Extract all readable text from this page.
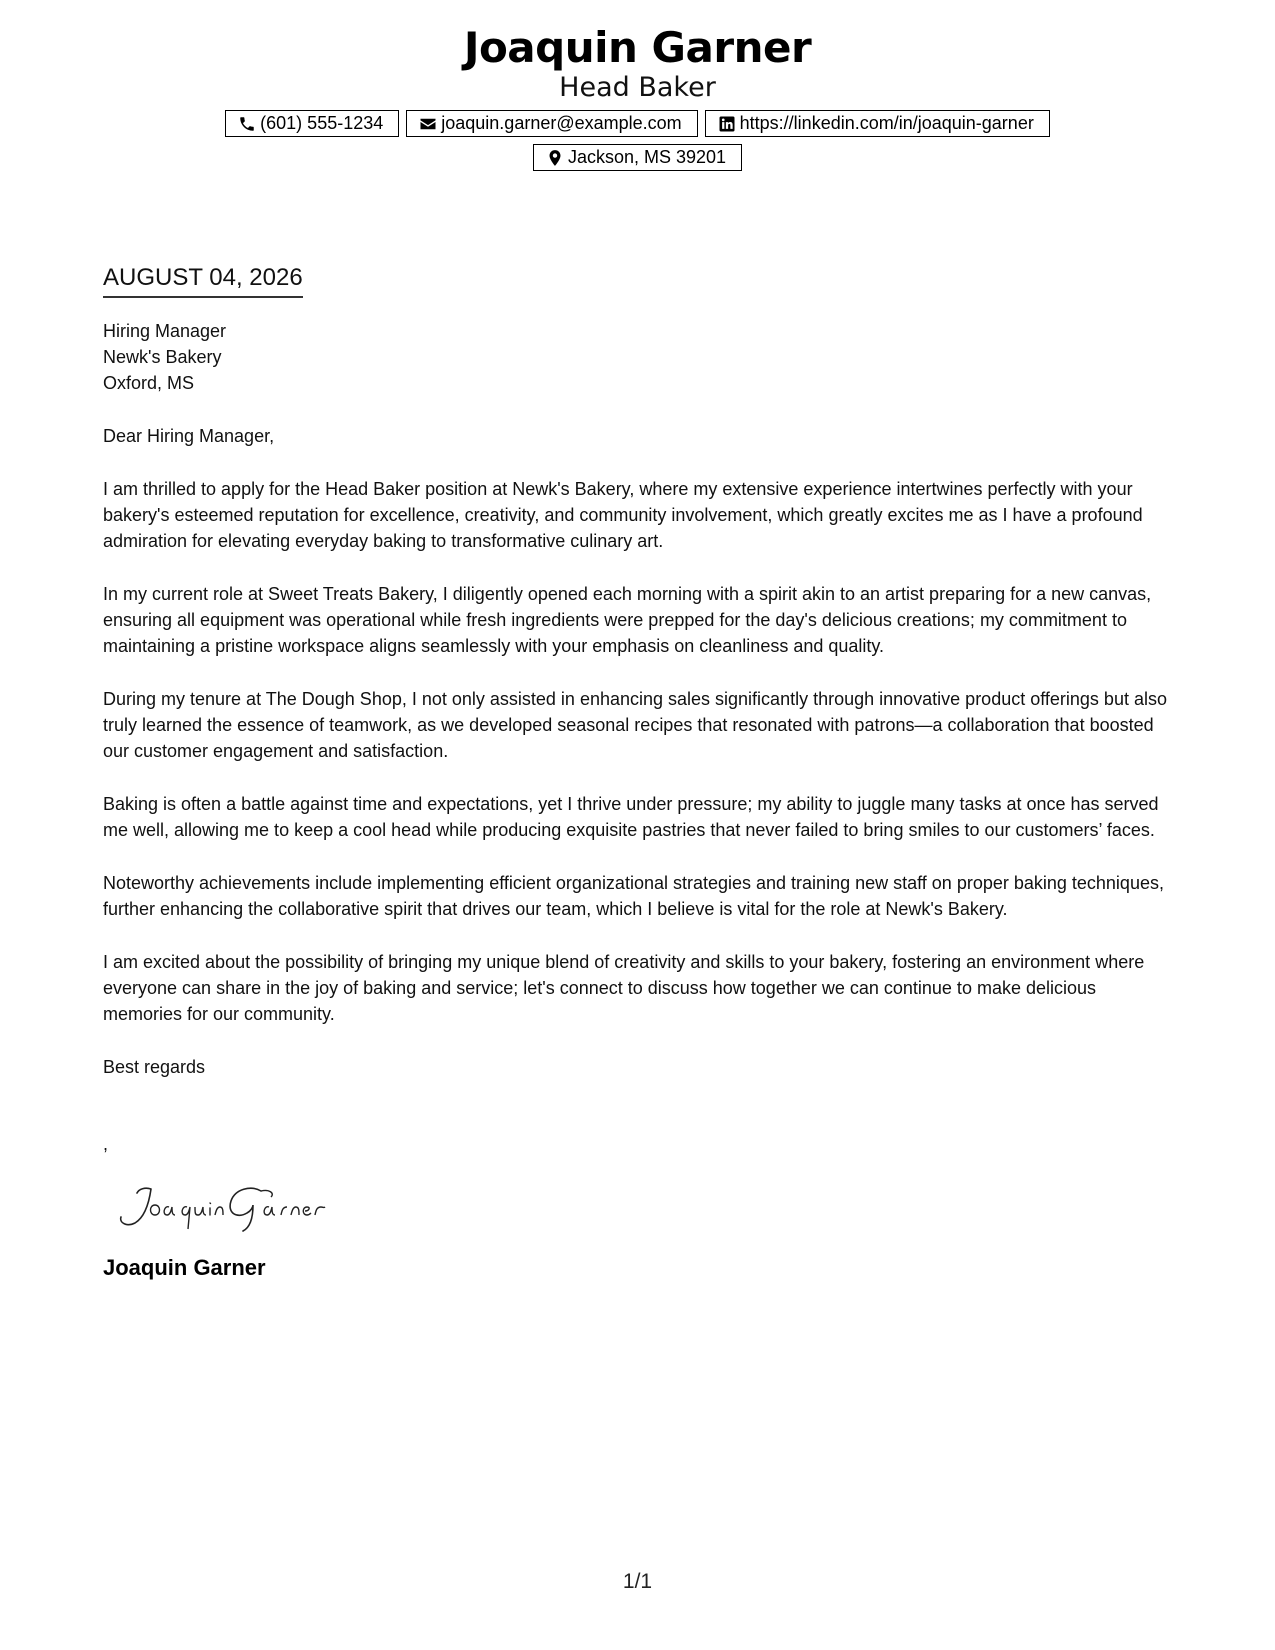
Joaquin Garner
Head Baker
(601) 555-1234	joaquin.garner@example.com	https://linkedin.com/in/joaquin-garner
Jackson, MS 39201
AUGUST 04, 2026
Hiring Manager
Newk's Bakery
Oxford, MS
Dear Hiring Manager,

I am thrilled to apply for the Head Baker position at Newk's Bakery, where my extensive experience intertwines perfectly with your bakery's esteemed reputation for excellence, creativity, and community involvement, which greatly excites me as I have a profound admiration for elevating everyday baking to transformative culinary art.

In my current role at Sweet Treats Bakery, I diligently opened each morning with a spirit akin to an artist preparing for a new canvas, ensuring all equipment was operational while fresh ingredients were prepped for the day's delicious creations; my commitment to maintaining a pristine workspace aligns seamlessly with your emphasis on cleanliness and quality.

During my tenure at The Dough Shop, I not only assisted in enhancing sales significantly through innovative product offerings but also truly learned the essence of teamwork, as we developed seasonal recipes that resonated with patrons—a collaboration that boosted our customer engagement and satisfaction.

Baking is often a battle against time and expectations, yet I thrive under pressure; my ability to juggle many tasks at once has served me well, allowing me to keep a cool head while producing exquisite pastries that never failed to bring smiles to our customers’ faces.

Noteworthy achievements include implementing efficient organizational strategies and training new staff on proper baking techniques, further enhancing the collaborative spirit that drives our team, which I believe is vital for the role at Newk's Bakery.

I am excited about the possibility of bringing my unique blend of creativity and skills to your bakery, fostering an environment where everyone can share in the joy of baking and service; let's connect to discuss how together we can continue to make delicious memories for our community.

Best regards
,
Joaquin Garner
1/1
